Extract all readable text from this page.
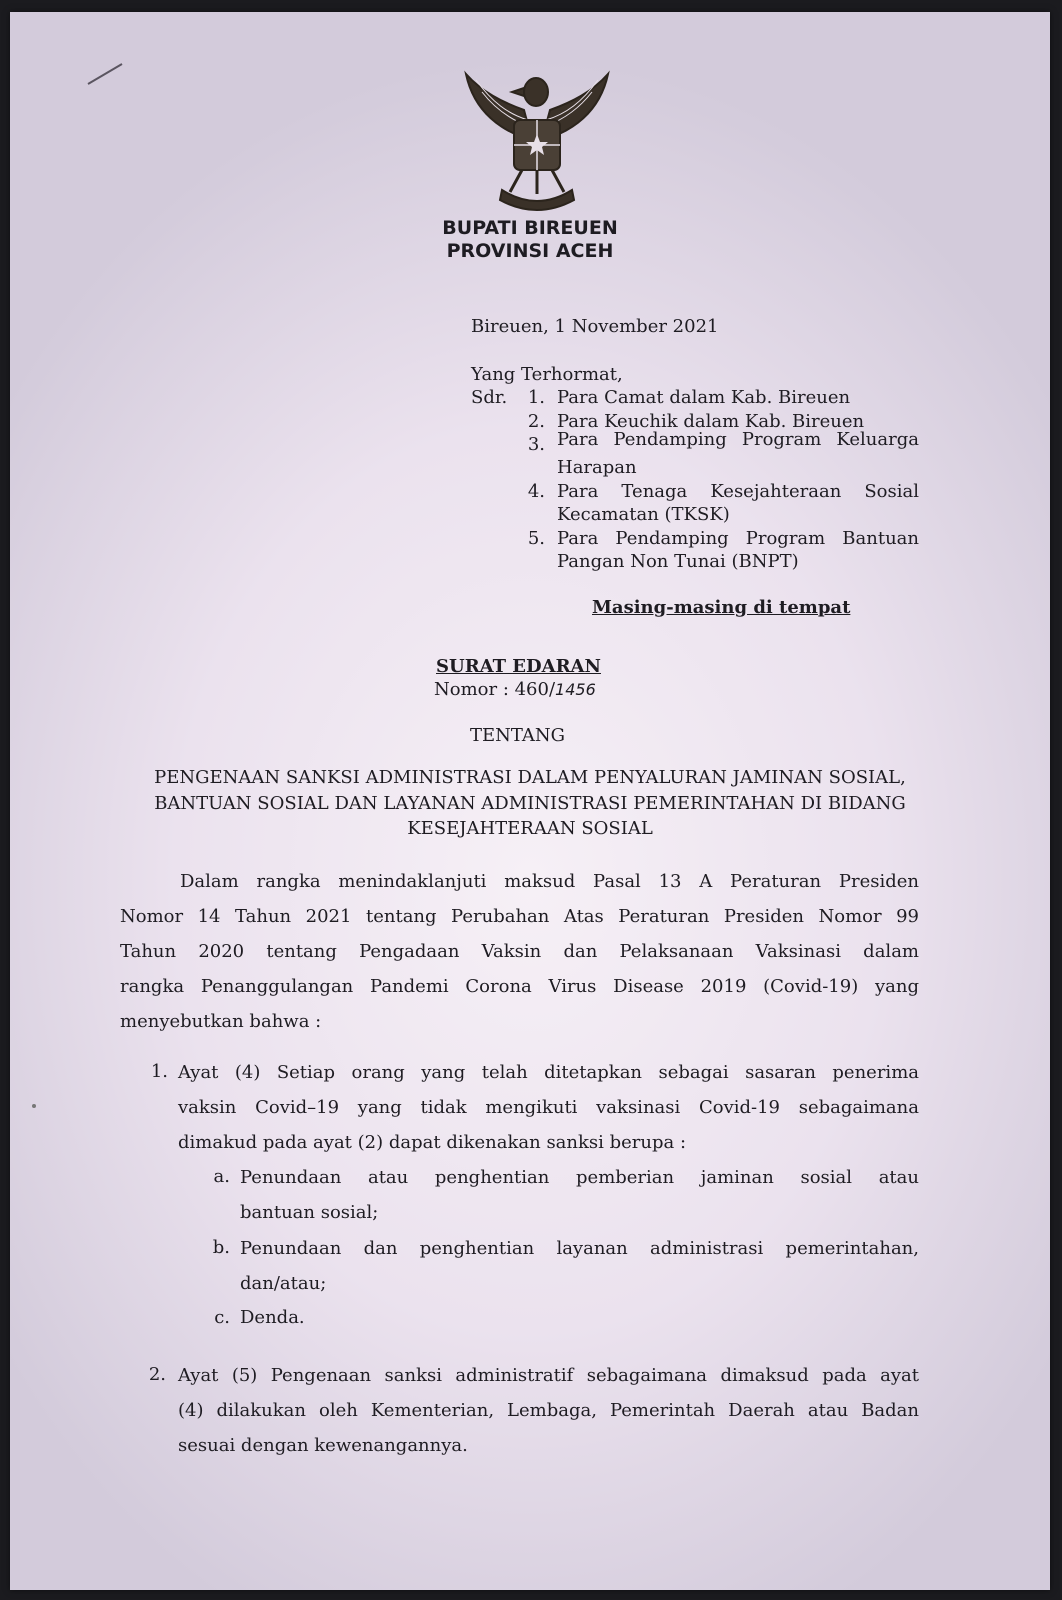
BUPATI BIREUEN
PROVINSI ACEH
Bireuen, 1 November 2021
Yang Terhormat,
Sdr.	1. Para Camat dalam Kab. Bireuen
2. Para Keuchik dalam Kab. Bireuen
3. Para Pendamping Program Keluarga
Harapan
4. Para Tenaga Kesejahteraan Sosial
Kecamatan (TKSK)
5. Para Pendamping Program Bantuan
Pangan Non Tunai (BNPT)
Masing-masing di tempat
SURAT EDARAN
Nomor : 460/1456
TENTANG
PENGENAAN SANKSI ADMINISTRASI DALAM PENYALURAN JAMINAN SOSIAL,
BANTUAN SOSIAL DAN LAYANAN ADMINISTRASI PEMERINTAHAN DI BIDANG
KESEJAHTERAAN SOSIAL
Dalam rangka menindaklanjuti maksud Pasal 13 A Peraturan Presiden
Nomor 14 Tahun 2021 tentang Perubahan Atas Peraturan Presiden Nomor 99
Tahun 2020 tentang Pengadaan Vaksin dan Pelaksanaan Vaksinasi dalam
rangka Penanggulangan Pandemi Corona Virus Disease 2019 (Covid-19) yang
menyebutkan bahwa :
1. Ayat (4) Setiap orang yang telah ditetapkan sebagai sasaran penerima
vaksin Covid–19 yang tidak mengikuti vaksinasi Covid-19 sebagaimana
dimakud pada ayat (2) dapat dikenakan sanksi berupa :
a. Penundaan atau penghentian pemberian jaminan sosial atau
bantuan sosial;
b. Penundaan dan penghentian layanan administrasi pemerintahan,
dan/atau;
c. Denda.
2. Ayat (5) Pengenaan sanksi administratif sebagaimana dimaksud pada ayat
(4) dilakukan oleh Kementerian, Lembaga, Pemerintah Daerah atau Badan
sesuai dengan kewenangannya.
